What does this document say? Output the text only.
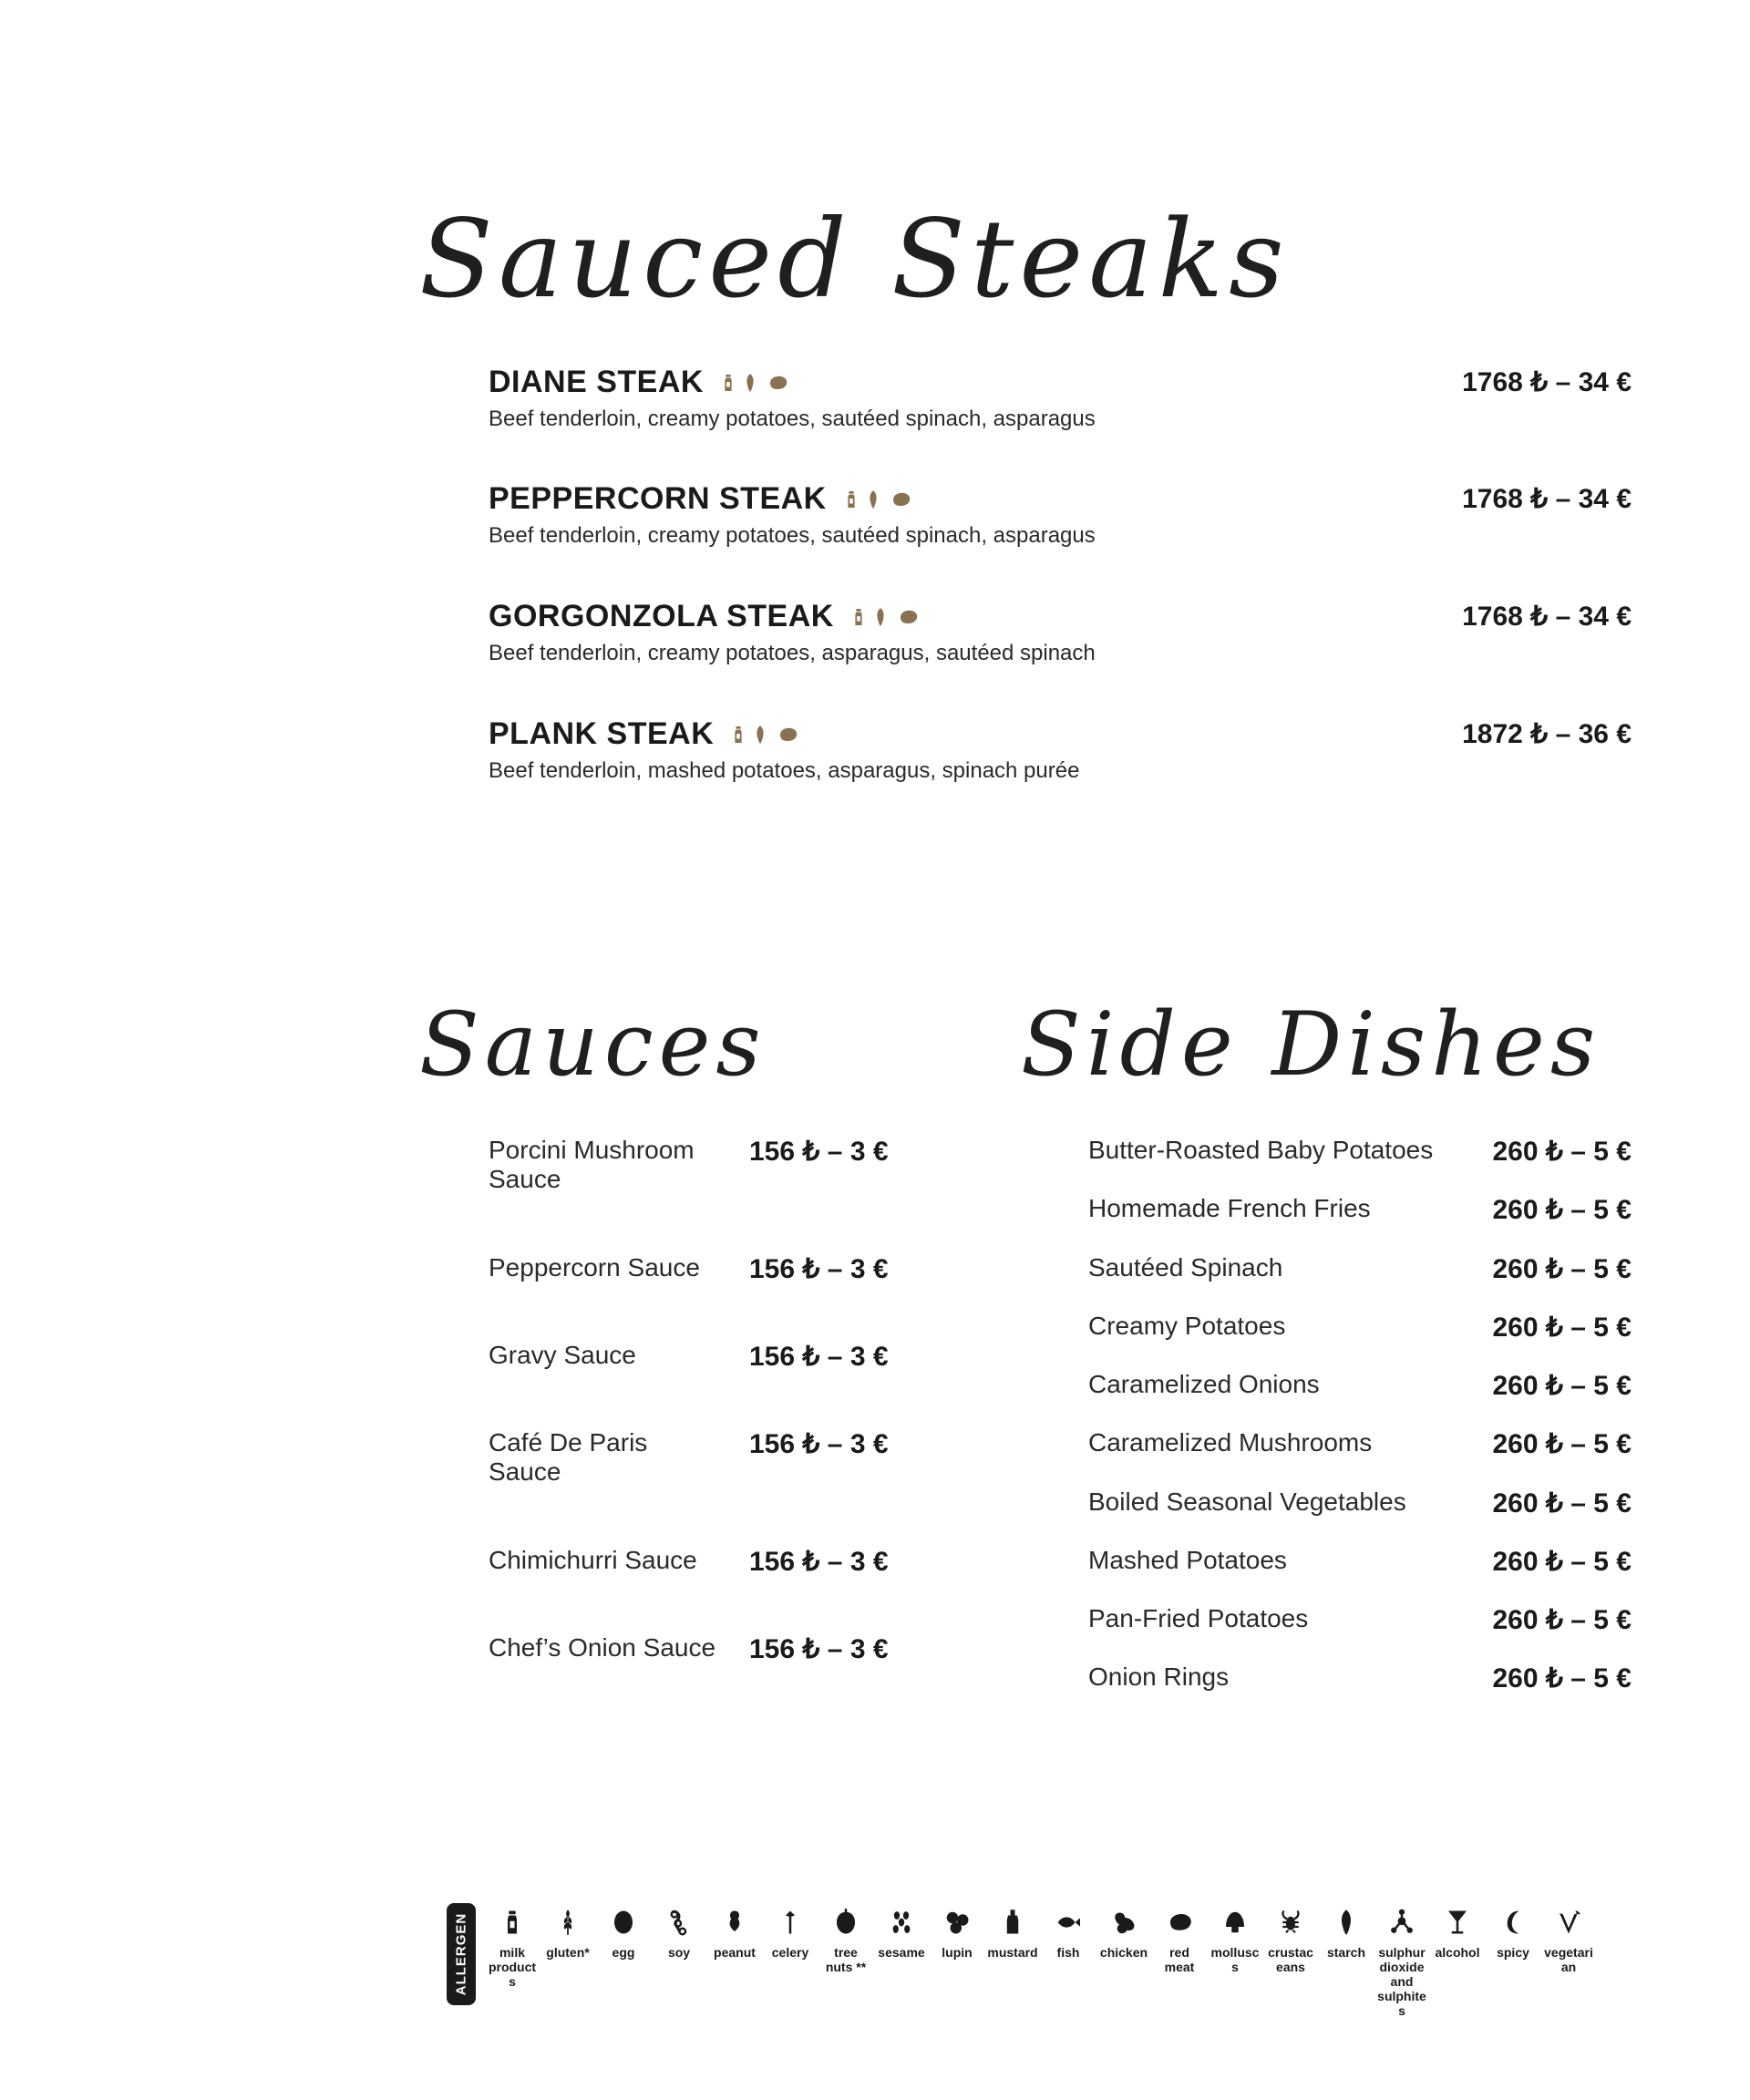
Sauced Steaks
Sauces	Side Dishes
DIANE STEAK
Beef tenderloin, creamy potatoes, sautéed spinach, asparagus
1768 ₺ – 34 €
PEPPERCORN STEAK
Beef tenderloin, creamy potatoes, sautéed spinach, asparagus
1768 ₺ – 34 €
GORGONZOLA STEAK
Beef tenderloin, creamy potatoes, asparagus, sautéed spinach
1768 ₺ – 34 €
PLANK STEAK
Beef tenderloin, mashed potatoes, asparagus, spinach purée
1872 ₺ – 36 €
Porcini Mushroom Sauce
156 ₺ – 3 €
Peppercorn Sauce	156 ₺ – 3 €
Gravy Sauce	156 ₺ – 3 €
Café De Paris Sauce
156 ₺ – 3 €
Chimichurri Sauce	156 ₺ – 3 €
Chef’s Onion Sauce 156 ₺ – 3 €
Butter-Roasted Baby Potatoes 260 ₺ – 5 €
Homemade French Fries	260 ₺ – 5 €
Sautéed Spinach	260 ₺ – 5 €
Creamy Potatoes	260 ₺ – 5 €
Caramelized Onions	260 ₺ – 5 €
Caramelized Mushrooms	260 ₺ – 5 €
Boiled Seasonal Vegetables	260 ₺ – 5 €
Mashed Potatoes	260 ₺ – 5 €
Pan-Fried Potatoes	260 ₺ – 5 €
Onion Rings	260 ₺ – 5 €
ALLERGEN	milk products
gluten*	egg	soy	peanut	celery	tree nuts **
sesame	lupin	mustard	fish	chicken	red meat
molluscs
crustaceans
starch	sulphur dioxide and sulphites
alcohol	spicy	vegetarian
